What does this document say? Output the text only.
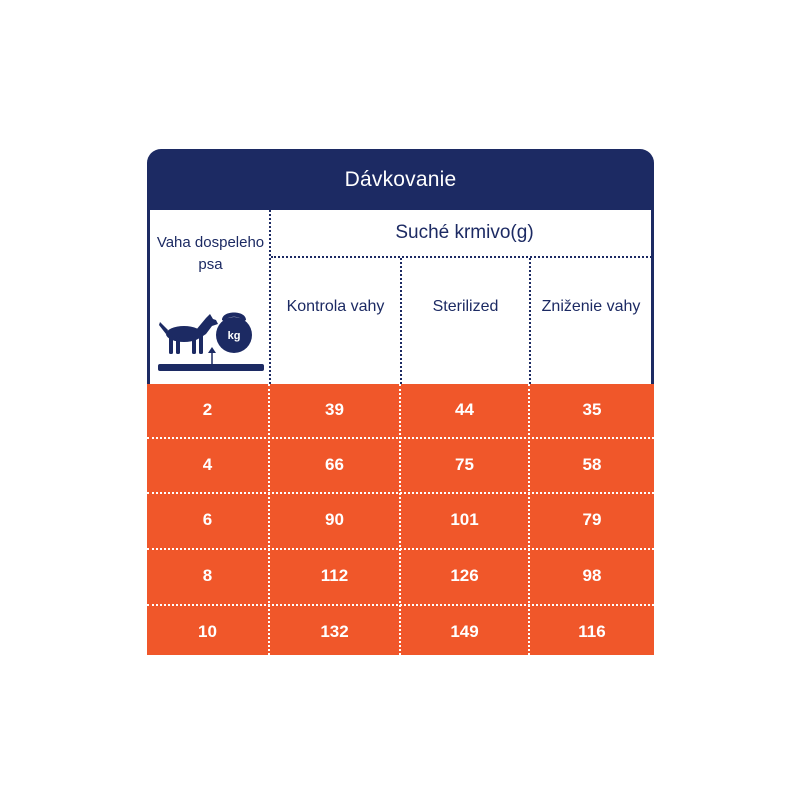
Dávkovanie
Vaha dospeleho psa
kg
Suché krmivo(g)
Kontrola vahy	Sterilized	Zniženie vahy
2	39	44	35
4	66	75	58
6	90	101	79
8	112	126	98
10	132	149	116
